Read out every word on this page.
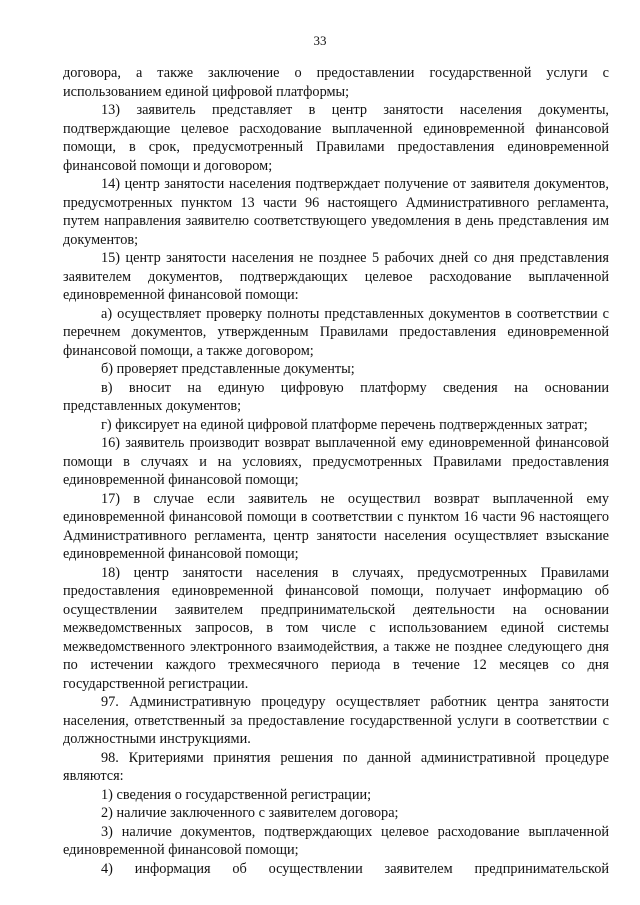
33

договора, а также заключение о предоставлении государственной услуги с использованием единой цифровой платформы;

13) заявитель представляет в центр занятости населения документы, подтверждающие целевое расходование выплаченной единовременной финансовой помощи, в срок, предусмотренный Правилами предоставления единовременной финансовой помощи и договором;

14) центр занятости населения подтверждает получение от заявителя документов, предусмотренных пунктом 13 части 96 настоящего Административного регламента, путем направления заявителю соответствующего уведомления в день представления им документов;

15) центр занятости населения не позднее 5 рабочих дней со дня представления заявителем документов, подтверждающих целевое расходование выплаченной единовременной финансовой помощи:

а) осуществляет проверку полноты представленных документов в соответствии с перечнем документов, утвержденным Правилами предоставления единовременной финансовой помощи, а также договором;

б) проверяет представленные документы;

в) вносит на единую цифровую платформу сведения на основании представленных документов;

г) фиксирует на единой цифровой платформе перечень подтвержденных затрат;

16) заявитель производит возврат выплаченной ему единовременной финансовой помощи в случаях и на условиях, предусмотренных Правилами предоставления единовременной финансовой помощи;

17) в случае если заявитель не осуществил возврат выплаченной ему единовременной финансовой помощи в соответствии с пунктом 16 части 96 настоящего Административного регламента, центр занятости населения осуществляет взыскание единовременной финансовой помощи;

18) центр занятости населения в случаях, предусмотренных Правилами предоставления единовременной финансовой помощи, получает информацию об осуществлении заявителем предпринимательской деятельности на основании межведомственных запросов, в том числе с использованием единой системы межведомственного электронного взаимодействия, а также не позднее следующего дня по истечении каждого трехмесячного периода в течение 12 месяцев со дня государственной регистрации.

97. Административную процедуру осуществляет работник центра занятости населения, ответственный за предоставление государственной услуги в соответствии с должностными инструкциями.

98. Критериями принятия решения по данной административной процедуре являются:

1) сведения о государственной регистрации;

2) наличие заключенного с заявителем договора;

3) наличие документов, подтверждающих целевое расходование выплаченной единовременной финансовой помощи;

4) информация об осуществлении заявителем предпринимательской
